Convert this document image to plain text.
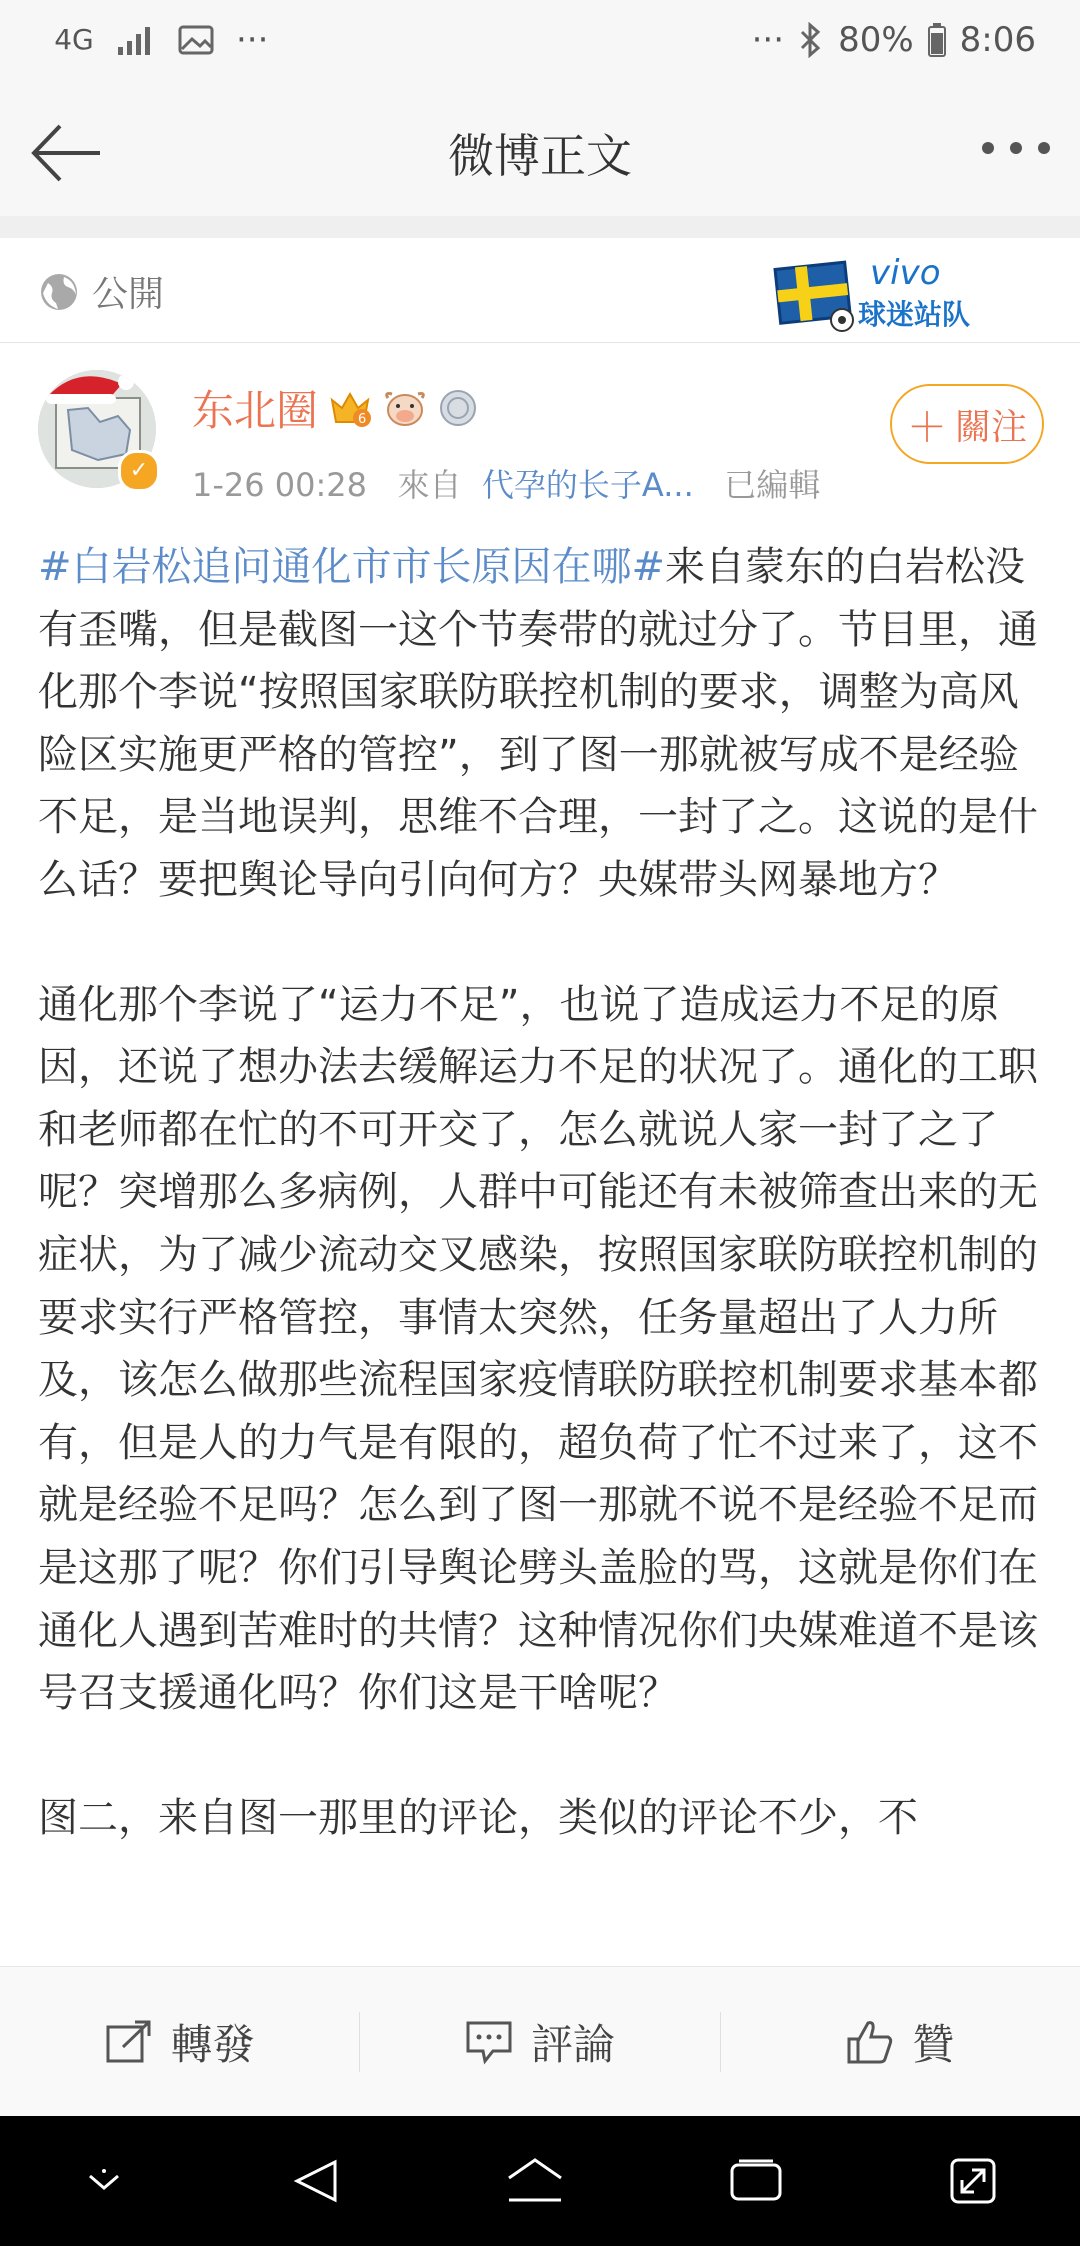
4G	···	··· 80% 8:06
微博正文
公開
vivo
球迷站队
✓
东北圈	6
1-26 00:28 來自 代孕的长子A... 已編輯
＋ 關注

#白岩松追问通化市市长原因在哪#来自蒙东的白岩松没有歪嘴，但是截图一这个节奏带的就过分了。节目里，通化那个李说“按照国家联防联控机制的要求，调整为高风险区实施更严格的管控”，到了图一那就被写成不是经验不足，是当地误判，思维不合理，一封了之。这说的是什么话？要把舆论导向引向何方？央媒带头网暴地方？

通化那个李说了“运力不足”，也说了造成运力不足的原因，还说了想办法去缓解运力不足的状况了。通化的工职和老师都在忙的不可开交了，怎么就说人家一封了之了呢？突增那么多病例，人群中可能还有未被筛查出来的无症状，为了减少流动交叉感染，按照国家联防联控机制的要求实行严格管控，事情太突然，任务量超出了人力所及，该怎么做那些流程国家疫情联防联控机制要求基本都有，但是人的力气是有限的，超负荷了忙不过来了，这不就是经验不足吗？怎么到了图一那就不说不是经验不足而是这那了呢？你们引导舆论劈头盖脸的骂，这就是你们在通化人遇到苦难时的共情？这种情况你们央媒难道不是该号召支援通化吗？你们这是干啥呢？

图二，来自图一那里的评论，类似的评论不少，不

轉發	評論	贊
